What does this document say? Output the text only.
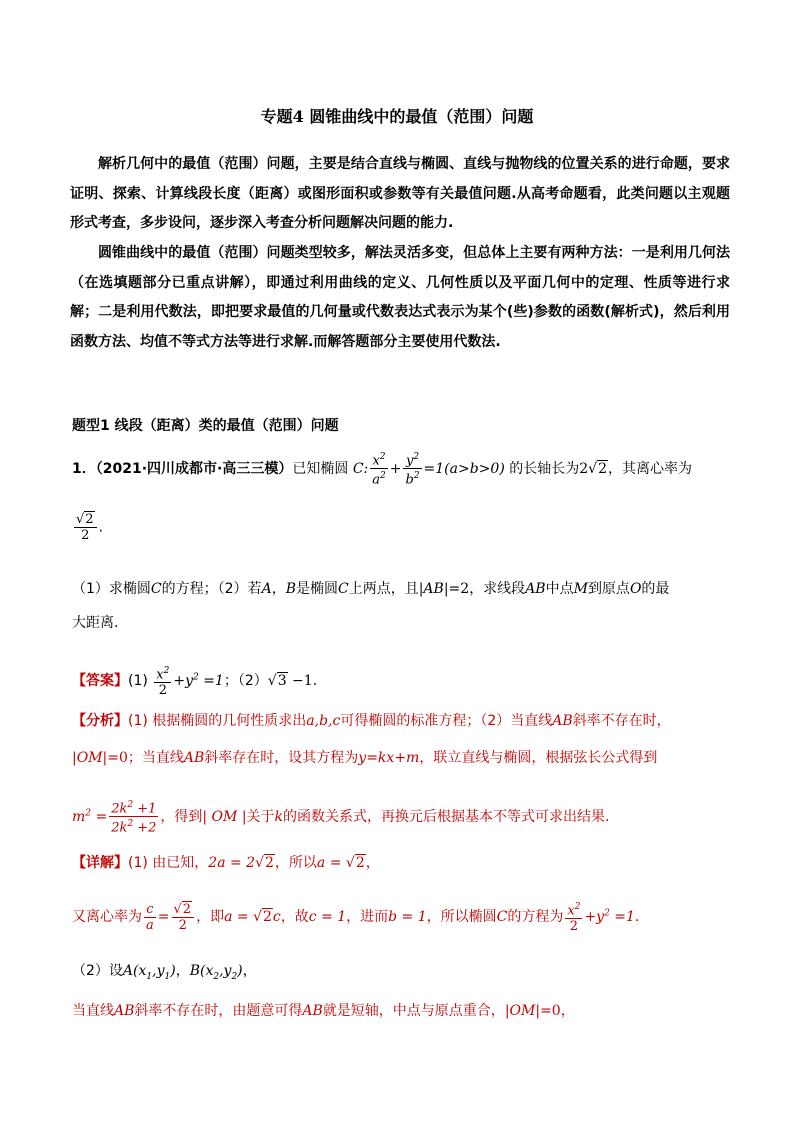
专题4 圆锥曲线中的最值（范围）问题

解析几何中的最值（范围）问题，主要是结合直线与椭圆、直线与抛物线的位置关系的进行命题，要求证明、探索、计算线段长度（距离）或图形面积或参数等有关最值问题.从高考命题看，此类问题以主观题形式考查，多步设问，逐步深入考查分析问题解决问题的能力.

圆锥曲线中的最值（范围）问题类型较多，解法灵活多变，但总体上主要有两种方法：一是利用几何法（在选填题部分已重点讲解），即通过利用曲线的定义、几何性质以及平面几何中的定理、性质等进行求解；二是利用代数法，即把要求最值的几何量或代数表达式表示为某个(些)参数的函数(解析式)，然后利用函数方法、均值不等式方法等进行求解.而解答题部分主要使用代数法.

题型1 线段（距离）类的最值（范围）问题
1．（2021·四川成都市·高三三模）已知椭圆 C: $\frac{x^2}{a^2} + \frac{y^2}{b^2} =1(a>b>0)$ 的长轴长为2√2，其离心率为
$\frac{√2}{2}$ .
（1）求椭圆C的方程；（2）若A，B是椭圆C上两点，且|AB|=2，求线段AB中点M到原点O的最
大距离.
【答案】$(1) \frac{x^2}{2} +y^2 =1$；（2）√3 −1.
【分析】(1) 根据椭圆的几何性质求出a,b,c可得椭圆的标准方程；（2）当直线AB斜率不存在时，
|OM|=0；当直线AB斜率存在时，设其方程为y=kx+m，联立直线与椭圆，根据弦长公式得到
$m^2 = \frac{2k^2 +1}{2k^2 +2}$ ，得到| OM |关于k的函数关系式，再换元后根据基本不等式可求出结果.
【详解】(1) 由已知，2a = 2√2，所以a = √2，
又离心率为 $\frac{c}{a} = \frac{√2}{2}$ ，即a = √2c，故c = 1，进而b = 1，所以椭圆C的方程为 $\frac{x^2}{2} +y^2 =1$.
（2）设$A(x_1,y_1)$，$B(x_2,y_2)$，
当直线AB斜率不存在时，由题意可得AB就是短轴，中点与原点重合，|OM|=0，
